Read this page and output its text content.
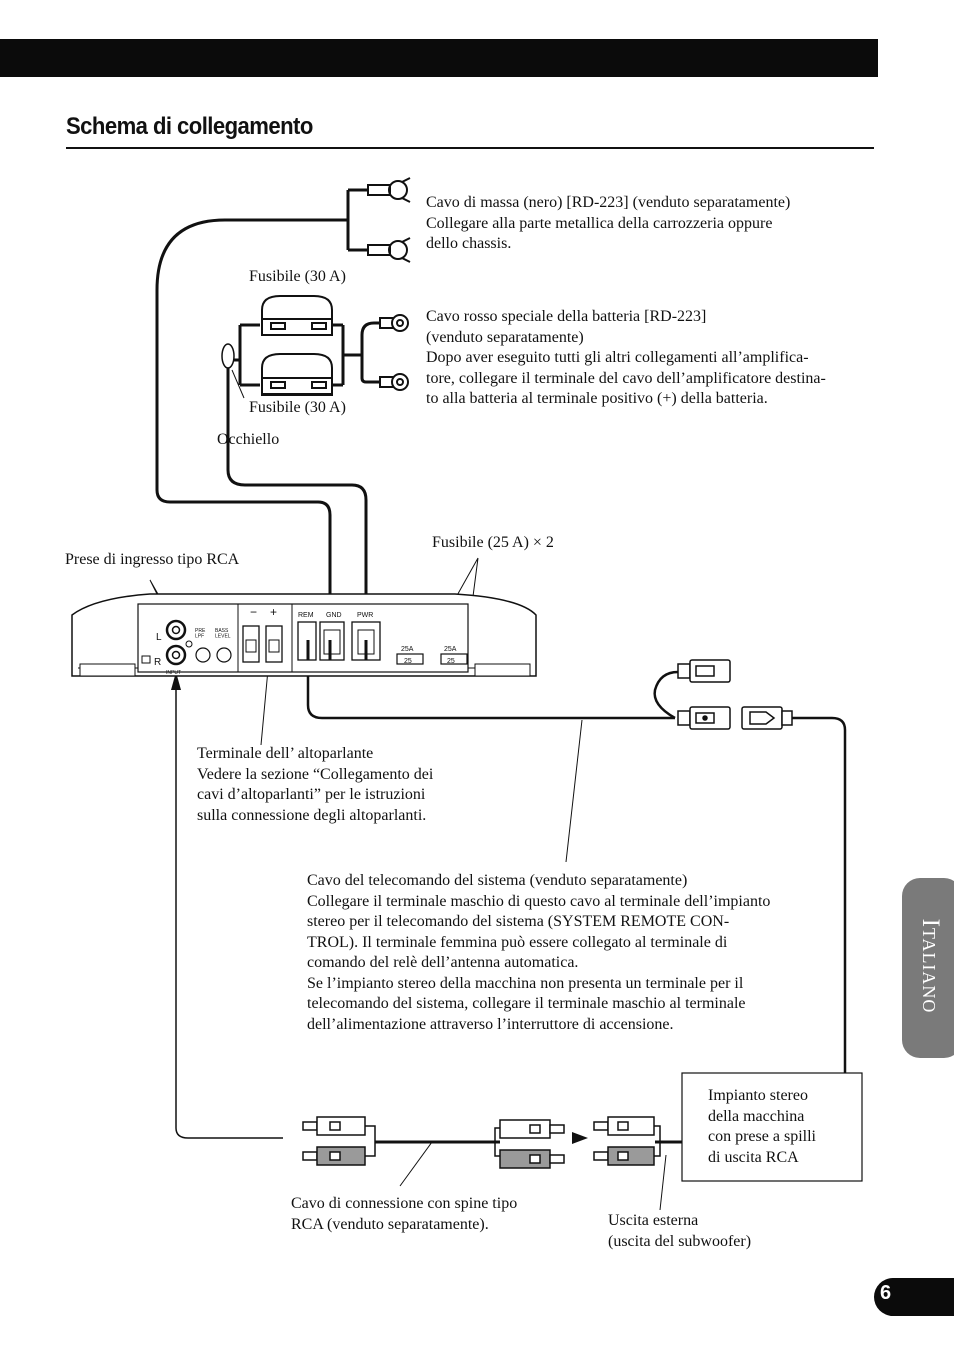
Schema di collegamento
− +	REM GND PWR
L
R
INPUT
PRE LPF
BASS LEVEL
25A
25
25A
25
Cavo di massa (nero) [RD-223] (venduto separatamente)
Collegare alla parte metallica della carrozzeria oppure
dello chassis.
Fusibile (30 A)
Cavo rosso speciale della batteria [RD-223]
(venduto separatamente)
Dopo aver eseguito tutti gli altri collegamenti all’amplifica-
tore, collegare il terminale del cavo dell’amplificatore destina-
to alla batteria al terminale positivo (+) della batteria.
Fusibile (30 A)
Occhiello
Fusibile (25 A) × 2
Prese di ingresso tipo RCA
Terminale dell’ altoparlante
Vedere la sezione “Collegamento dei
cavi d’altoparlanti” per le istruzioni
sulla connessione degli altoparlanti.
Cavo del telecomando del sistema (venduto separatamente)
Collegare il terminale maschio di questo cavo al terminale dell’impianto
stereo per il telecomando del sistema (SYSTEM REMOTE CON-
TROL). Il terminale femmina può essere collegato al terminale di
comando del relè dell’antenna automatica.
Se l’impianto stereo della macchina non presenta un terminale per il
telecomando del sistema, collegare il terminale maschio al terminale
dell’alimentazione attraverso l’interruttore di accensione.
Impianto stereo
della macchina
con prese a spilli
di uscita RCA
Cavo di connessione con spine tipo
RCA (venduto separatamente).	Uscita esterna
(uscita del subwoofer)
Italiano
6
